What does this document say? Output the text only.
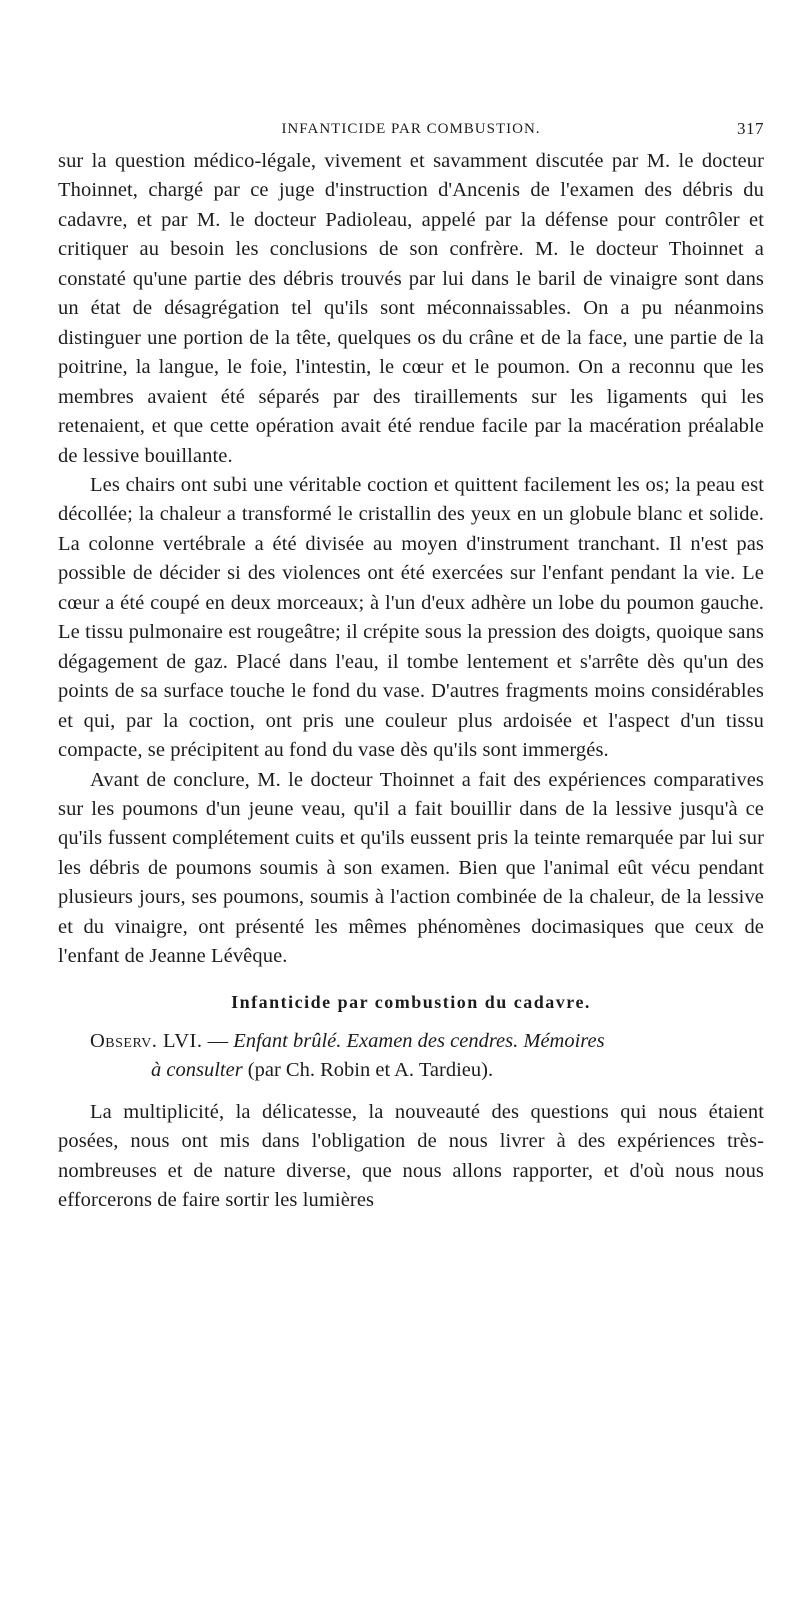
INFANTICIDE PAR COMBUSTION.	317

sur la question médico-légale, vivement et savamment discutée par M. le docteur Thoinnet, chargé par ce juge d'instruction d'Ancenis de l'examen des débris du cadavre, et par M. le docteur Padioleau, appelé par la défense pour contrôler et critiquer au besoin les conclusions de son confrère. M. le docteur Thoinnet a constaté qu'une partie des débris trouvés par lui dans le baril de vinaigre sont dans un état de désagrégation tel qu'ils sont méconnaissables. On a pu néanmoins distinguer une portion de la tête, quelques os du crâne et de la face, une partie de la poitrine, la langue, le foie, l'intestin, le cœur et le poumon. On a reconnu que les membres avaient été séparés par des tiraillements sur les ligaments qui les retenaient, et que cette opération avait été rendue facile par la macération préalable de lessive bouillante.

Les chairs ont subi une véritable coction et quittent facilement les os; la peau est décollée; la chaleur a transformé le cristallin des yeux en un globule blanc et solide. La colonne vertébrale a été divisée au moyen d'instrument tranchant. Il n'est pas possible de décider si des violences ont été exercées sur l'enfant pendant la vie. Le cœur a été coupé en deux morceaux; à l'un d'eux adhère un lobe du poumon gauche. Le tissu pulmonaire est rougeâtre; il crépite sous la pression des doigts, quoique sans dégagement de gaz. Placé dans l'eau, il tombe lentement et s'arrête dès qu'un des points de sa surface touche le fond du vase. D'autres fragments moins considérables et qui, par la coction, ont pris une couleur plus ardoisée et l'aspect d'un tissu compacte, se précipitent au fond du vase dès qu'ils sont immergés.

Avant de conclure, M. le docteur Thoinnet a fait des expériences comparatives sur les poumons d'un jeune veau, qu'il a fait bouillir dans de la lessive jusqu'à ce qu'ils fussent complétement cuits et qu'ils eussent pris la teinte remarquée par lui sur les débris de poumons soumis à son examen. Bien que l'animal eût vécu pendant plusieurs jours, ses poumons, soumis à l'action combinée de la chaleur, de la lessive et du vinaigre, ont présenté les mêmes phénomènes docimasiques que ceux de l'enfant de Jeanne Lévêque.

Infanticide par combustion du cadavre.
Observ. LVI. — Enfant brûlé. Examen des cendres. Mémoires
à consulter (par Ch. Robin et A. Tardieu).

La multiplicité, la délicatesse, la nouveauté des questions qui nous étaient posées, nous ont mis dans l'obligation de nous livrer à des expériences très-nombreuses et de nature diverse, que nous allons rapporter, et d'où nous nous efforcerons de faire sortir les lumières
